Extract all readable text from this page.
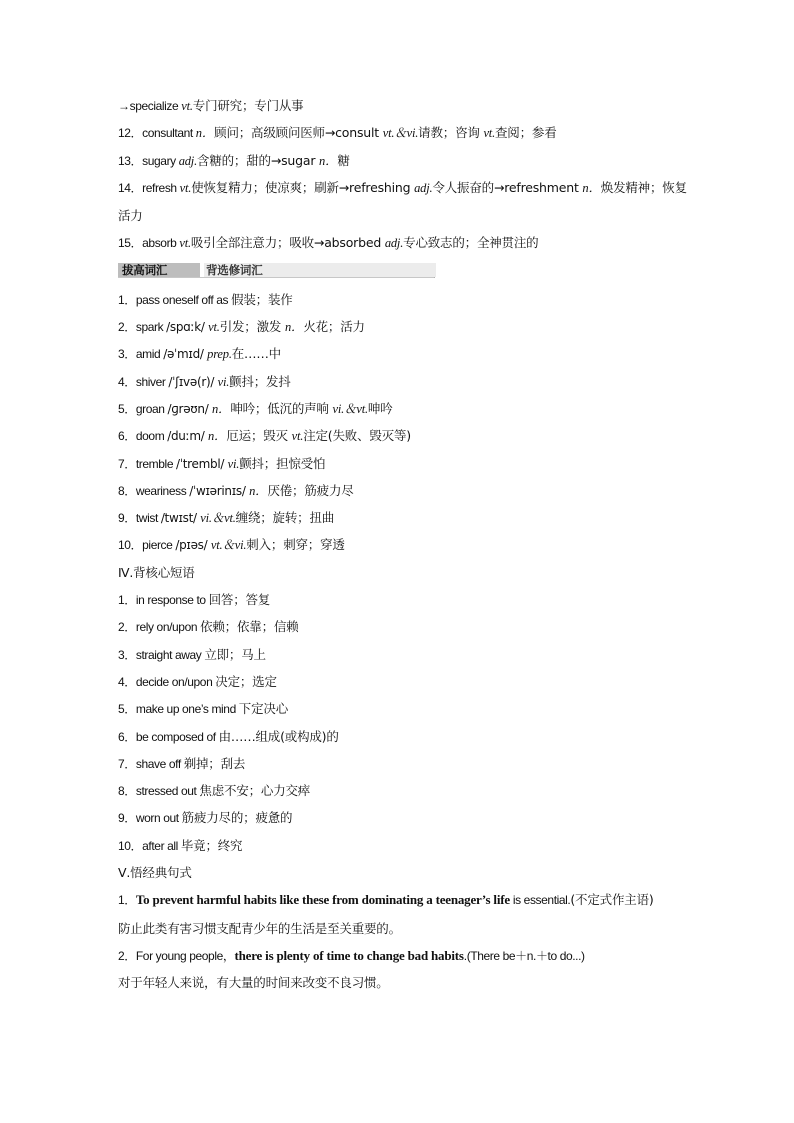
→specialize vt.专门研究；专门从事
12．consultant n．顾问；高级顾问医师→consult vt.＆vi.请教；咨询 vt.查阅；参看
13．sugary adj.含糖的；甜的→sugar n．糖
14．refresh vt.使恢复精力；使凉爽；刷新→refreshing adj.令人振奋的→refreshment n．焕发精神；恢复活力
15．absorb vt.吸引全部注意力；吸收→absorbed adj.专心致志的；全神贯注的
拔高词汇	背选修词汇
1．pass oneself off as 假装；装作
2．spark /spɑːk/ vt.引发；激发 n．火花；活力
3．amid /əˈmɪd/ prep.在……中
4．shiver /ˈʃɪvə(r)/ vi.颤抖；发抖
5．groan /ɡrəʊn/ n．呻吟；低沉的声响 vi.＆vt.呻吟
6．doom /duːm/ n．厄运；毁灭 vt.注定(失败、毁灭等)
7．tremble /ˈtrembl/ vi.颤抖；担惊受怕
8．weariness /ˈwɪərinɪs/ n．厌倦；筋疲力尽
9．twist /twɪst/ vi.＆vt.缠绕；旋转；扭曲
10．pierce /pɪəs/ vt.＆vi.刺入；刺穿；穿透
Ⅳ.背核心短语
1．in response to 回答；答复
2．rely on/upon 依赖；依靠；信赖
3．straight away 立即；马上
4．decide on/upon 决定；选定
5．make up one’s mind 下定决心
6．be composed of 由……组成(或构成)的
7．shave off 剃掉；刮去
8．stressed out 焦虑不安；心力交瘁
9．worn out 筋疲力尽的；疲惫的
10．after all 毕竟；终究
Ⅴ.悟经典句式
1．To prevent harmful habits like these from dominating a teenager’s life is essential.(不定式作主语)
防止此类有害习惯支配青少年的生活是至关重要的。
2．For young people，there is plenty of time to change bad habits.(There be＋n.＋to do...)
对于年轻人来说，有大量的时间来改变不良习惯。
